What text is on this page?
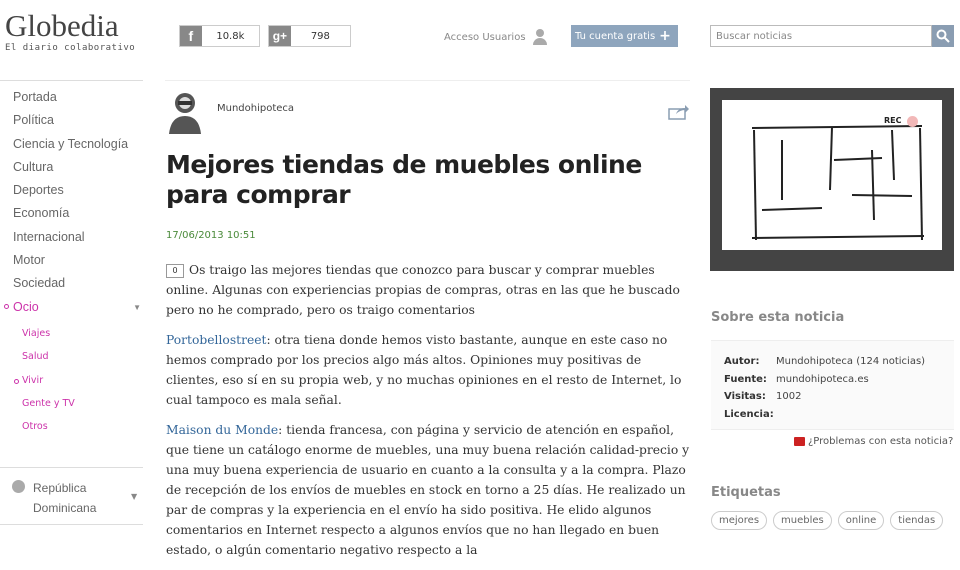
Globedia
El diario colaborativo
f	10.8k	g+	798	Acceso Usuarios	Tu cuenta gratis +
Buscar noticias
Portada
Política
Ciencia y Tecnología
Cultura
Deportes
Economía
Internacional
Motor
Sociedad
Ocio	▼
Viajes
Salud
Vivir
Gente y TV
Otros
República Dominicana
▼
Mundohipoteca
Mejores tiendas de muebles online para comprar
17/06/2013 10:51

0 Os traigo las mejores tiendas que conozco para buscar y comprar muebles online. Algunas con experiencias propias de compras, otras en las que he buscado pero no he comprado, pero os traigo comentarios

Portobellostreet: otra tiena donde hemos visto bastante, aunque en este caso no hemos comprado por los precios algo más altos. Opiniones muy positivas de clientes, eso sí en su propia web, y no muchas opiniones en el resto de Internet, lo cual tampoco es mala señal.

Maison du Monde: tienda francesa, con página y servicio de atención en español, que tiene un catálogo enorme de muebles, una muy buena relación calidad-precio y una muy buena experiencia de usuario en cuanto a la consulta y a la compra. Plazo de recepción de los envíos de muebles en stock en torno a 25 días. He realizado un par de compras y la experiencia en el envío ha sido positiva. He elido algunos comentarios en Internet respecto a algunos envíos que no han llegado en buen estado, o algún comentario negativo respecto a la

REC
Sobre esta noticia
Autor:	Mundohipoteca (124 noticias)
Fuente: mundohipoteca.es
Visitas:	1002
Licencia:
¿Problemas con esta noticia?
Etiquetas
mejores	muebles	online	tiendas
